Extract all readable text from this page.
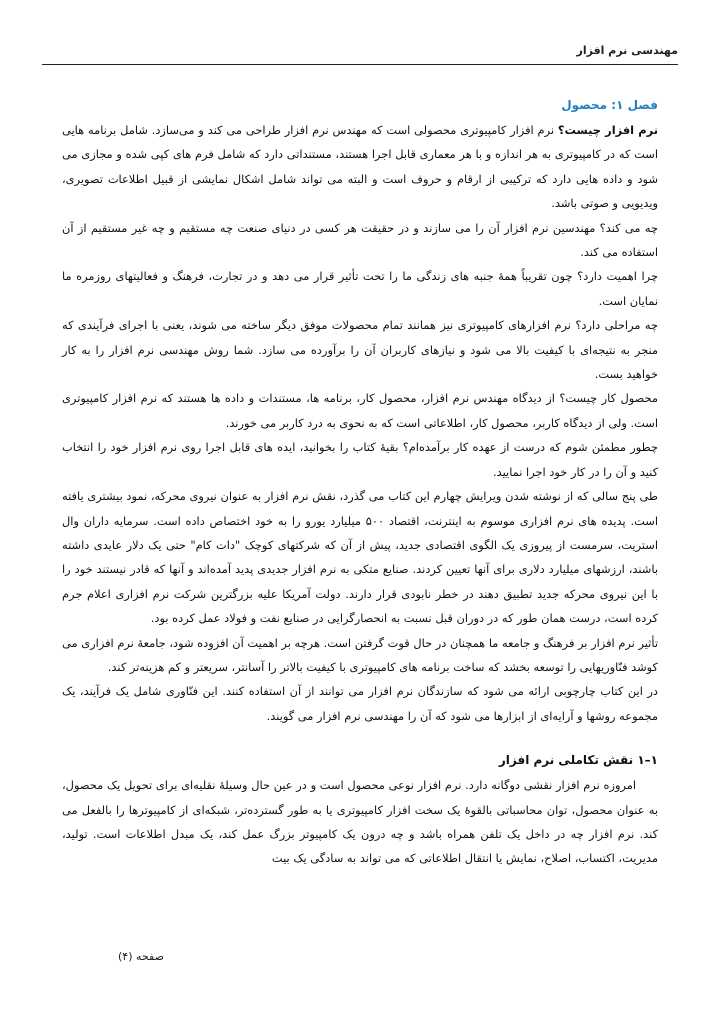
مهندسی نرم افزار
فصل ۱: محصول

نرم افزار چیست؟ نرم افزار کامپیوتری محصولی است که مهندس نرم افزار طراحی می کند و می‌سازد. شامل برنامه هایی است که در کامپیوتری به هر اندازه و با هر معماری قابل اجرا هستند، مستنداتی دارد که شامل فرم های کپی شده و مجازی می شود و داده هایی دارد که ترکیبی از ارقام و حروف است و البته می تواند شامل اشکال نمایشی از قبیل اطلاعات تصویری، ویدیویی و صوتی باشد.

چه می کند؟ مهندسین نرم افزار آن را می سازند و در حقیقت هر کسی در دنیای صنعت چه مستقیم و چه غیر مستقیم از آن استفاده می کند.

چرا اهمیت دارد؟ چون تقریباً همهٔ جنبه های زندگی ما را تحت تأثیر قرار می دهد و در تجارت، فرهنگ و فعالیتهای روزمره ما نمایان است.

چه مراحلی دارد؟ نرم افزارهای کامپیوتری نیز همانند تمام محصولات موفق دیگر ساخته می شوند، یعنی با اجرای فرآیندی که منجر به نتیجه‌ای با کیفیت بالا می شود و نیازهای کاربران آن را برآورده می سازد. شما روش مهندسی نرم افزار را به کار خواهید بست.

محصول کار چیست؟ از دیدگاه مهندس نرم افزار، محصول کار، برنامه ها، مستندات و داده ها هستند که نرم افزار کامپیوتری است. ولی از دیدگاه کاربر، محصول کار، اطلاعاتی است که به نحوی به درد کاربر می خورند.

چطور مطمئن شوم که درست از عهده کار برآمده‌ام؟ بقیهٔ کتاب را بخوانید، ایده های قابل اجرا روی نرم افزار خود را انتخاب کنید و آن را در کار خود اجرا نمایید.

طی پنج سالی که از نوشته شدن ویرایش چهارم این کتاب می گذرد، نقش نرم افزار به عنوان نیروی محرکه، نمود بیشتری یافته است. پدیده های نرم افزاری موسوم به اینترنت، اقتصاد ۵۰۰ میلیارد یورو را به خود اختصاص داده است. سرمایه داران وال استریت، سرمست از پیروزی یک الگوی اقتصادی جدید، پیش از آن که شرکتهای کوچک "دات کام" حتی یک دلار عایدی داشته باشند، ارزشهای میلیارد دلاری برای آنها تعیین کردند. صنایع متکی به نرم افزار جدیدی پدید آمده‌اند و آنها که قادر نیستند خود را با این نیروی محرکه جدید تطبیق دهند در خطر نابودی قرار دارند. دولت آمریکا علیه بزرگترین شرکت نرم افزاری اعلام جرم کرده است، درست همان طور که در دوران قبل نسبت به انحصارگرایی در صنایع نفت و فولاد عمل کرده بود.

تأثیر نرم افزار بر فرهنگ و جامعه ما همچنان در حال قوت گرفتن است. هرچه بر اهمیت آن افزوده شود، جامعهٔ نرم افزاری می کوشد فنّاوریهایی را توسعه بخشد که ساخت برنامه های کامپیوتری با کیفیت بالاتر را آسانتر، سریعتر و کم هزینه‌تر کند.

در این کتاب چارچوبی ارائه می شود که سازندگان نرم افزار می توانند از آن استفاده کنند. این فنّاوری شامل یک فرآیند، یک مجموعه روشها و آرایه‌ای از ابزارها می شود که آن را مهندسی نرم افزار می گویند.

۱–۱ نقش تکاملی نرم افزار

امروزه نرم افزار نقشی دوگانه دارد. نرم افزار نوعی محصول است و در عین حال وسیلهٔ نقلیه‌ای برای تحویل یک محصول، به عنوان محصول، توان محاسباتی بالقوهٔ یک سخت افزار کامپیوتری یا به طور گسترده‌تر، شبکه‌ای از کامپیوترها را بالفعل می کند. نرم افزار چه در داخل یک تلفن همراه باشد و چه درون یک کامپیوتر بزرگ عمل کند، یک مبدل اطلاعات است. تولید، مدیریت، اکتساب، اصلاح، نمایش یا انتقال اطلاعاتی که می تواند به سادگی یک بیت

صفحه (۴)
